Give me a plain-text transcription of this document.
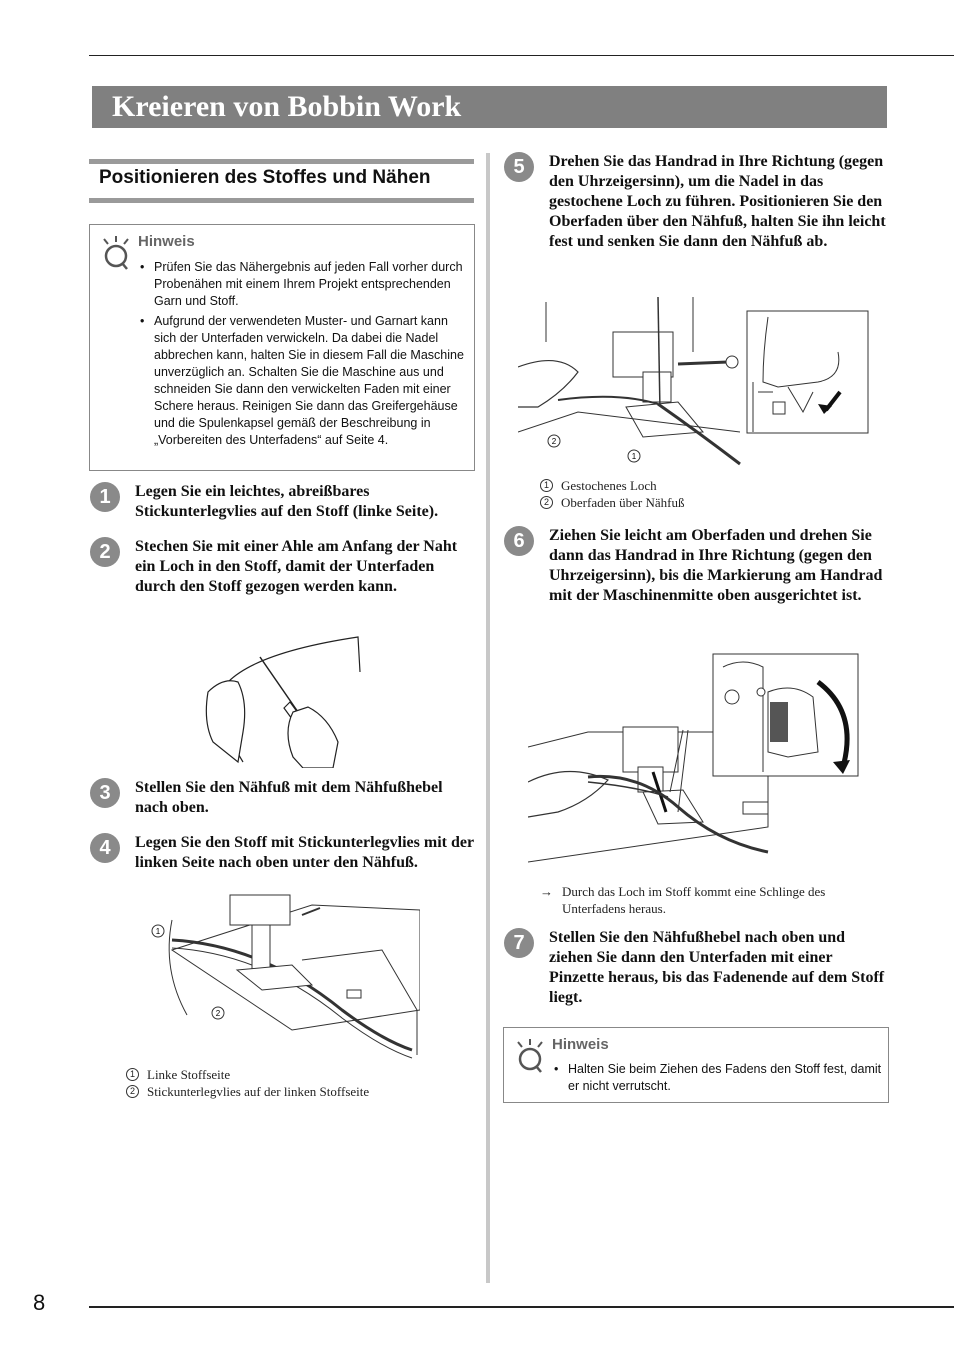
Kreieren von Bobbin Work
Positionieren des Stoffes und Nähen
Hinweis
• Prüfen Sie das Nähergebnis auf jeden Fall vorher durch Probenähen mit einem Ihrem Projekt entsprechenden Garn und Stoff.
• Aufgrund der verwendeten Muster- und Garnart kann sich der Unterfaden verwickeln. Da dabei die Nadel abbrechen kann, halten Sie in diesem Fall die Maschine unverzüglich an. Schalten Sie die Maschine aus und schneiden Sie dann den verwickelten Faden mit einer Schere heraus. Reinigen Sie dann das Greifergehäuse und die Spulenkapsel gemäß der Beschreibung in „Vorbereiten des Unterfadens“ auf Seite 4.
1	Legen Sie ein leichtes, abreißbares Stickunterlegvlies auf den Stoff (linke Seite).
2	Stechen Sie mit einer Ahle am Anfang der Naht ein Loch in den Stoff, damit der Unterfaden durch den Stoff gezogen werden kann.
3	Stellen Sie den Nähfuß mit dem Nähfußhebel nach oben.
4	Legen Sie den Stoff mit Stickunterlegvlies mit der linken Seite nach oben unter den Nähfuß.
1
2
1 Linke Stoffseite
2 Stickunterlegvlies auf der linken Stoffseite
5	Drehen Sie das Handrad in Ihre Richtung (gegen den Uhrzeigersinn), um die Nadel in das gestochene Loch zu führen. Positionieren Sie den Oberfaden über den Nähfuß, halten Sie ihn leicht fest und senken Sie dann den Nähfuß ab.
2
1
1 Gestochenes Loch
2 Oberfaden über Nähfuß
6	Ziehen Sie leicht am Oberfaden und drehen Sie dann das Handrad in Ihre Richtung (gegen den Uhrzeigersinn), bis die Markierung am Handrad mit der Maschinenmitte oben ausgerichtet ist.
→ Durch das Loch im Stoff kommt eine Schlinge des Unterfadens heraus.
7	Stellen Sie den Nähfußhebel nach oben und ziehen Sie dann den Unterfaden mit einer Pinzette heraus, bis das Fadenende auf dem Stoff liegt.
Hinweis
• Halten Sie beim Ziehen des Fadens den Stoff fest, damit er nicht verrutscht.
8
